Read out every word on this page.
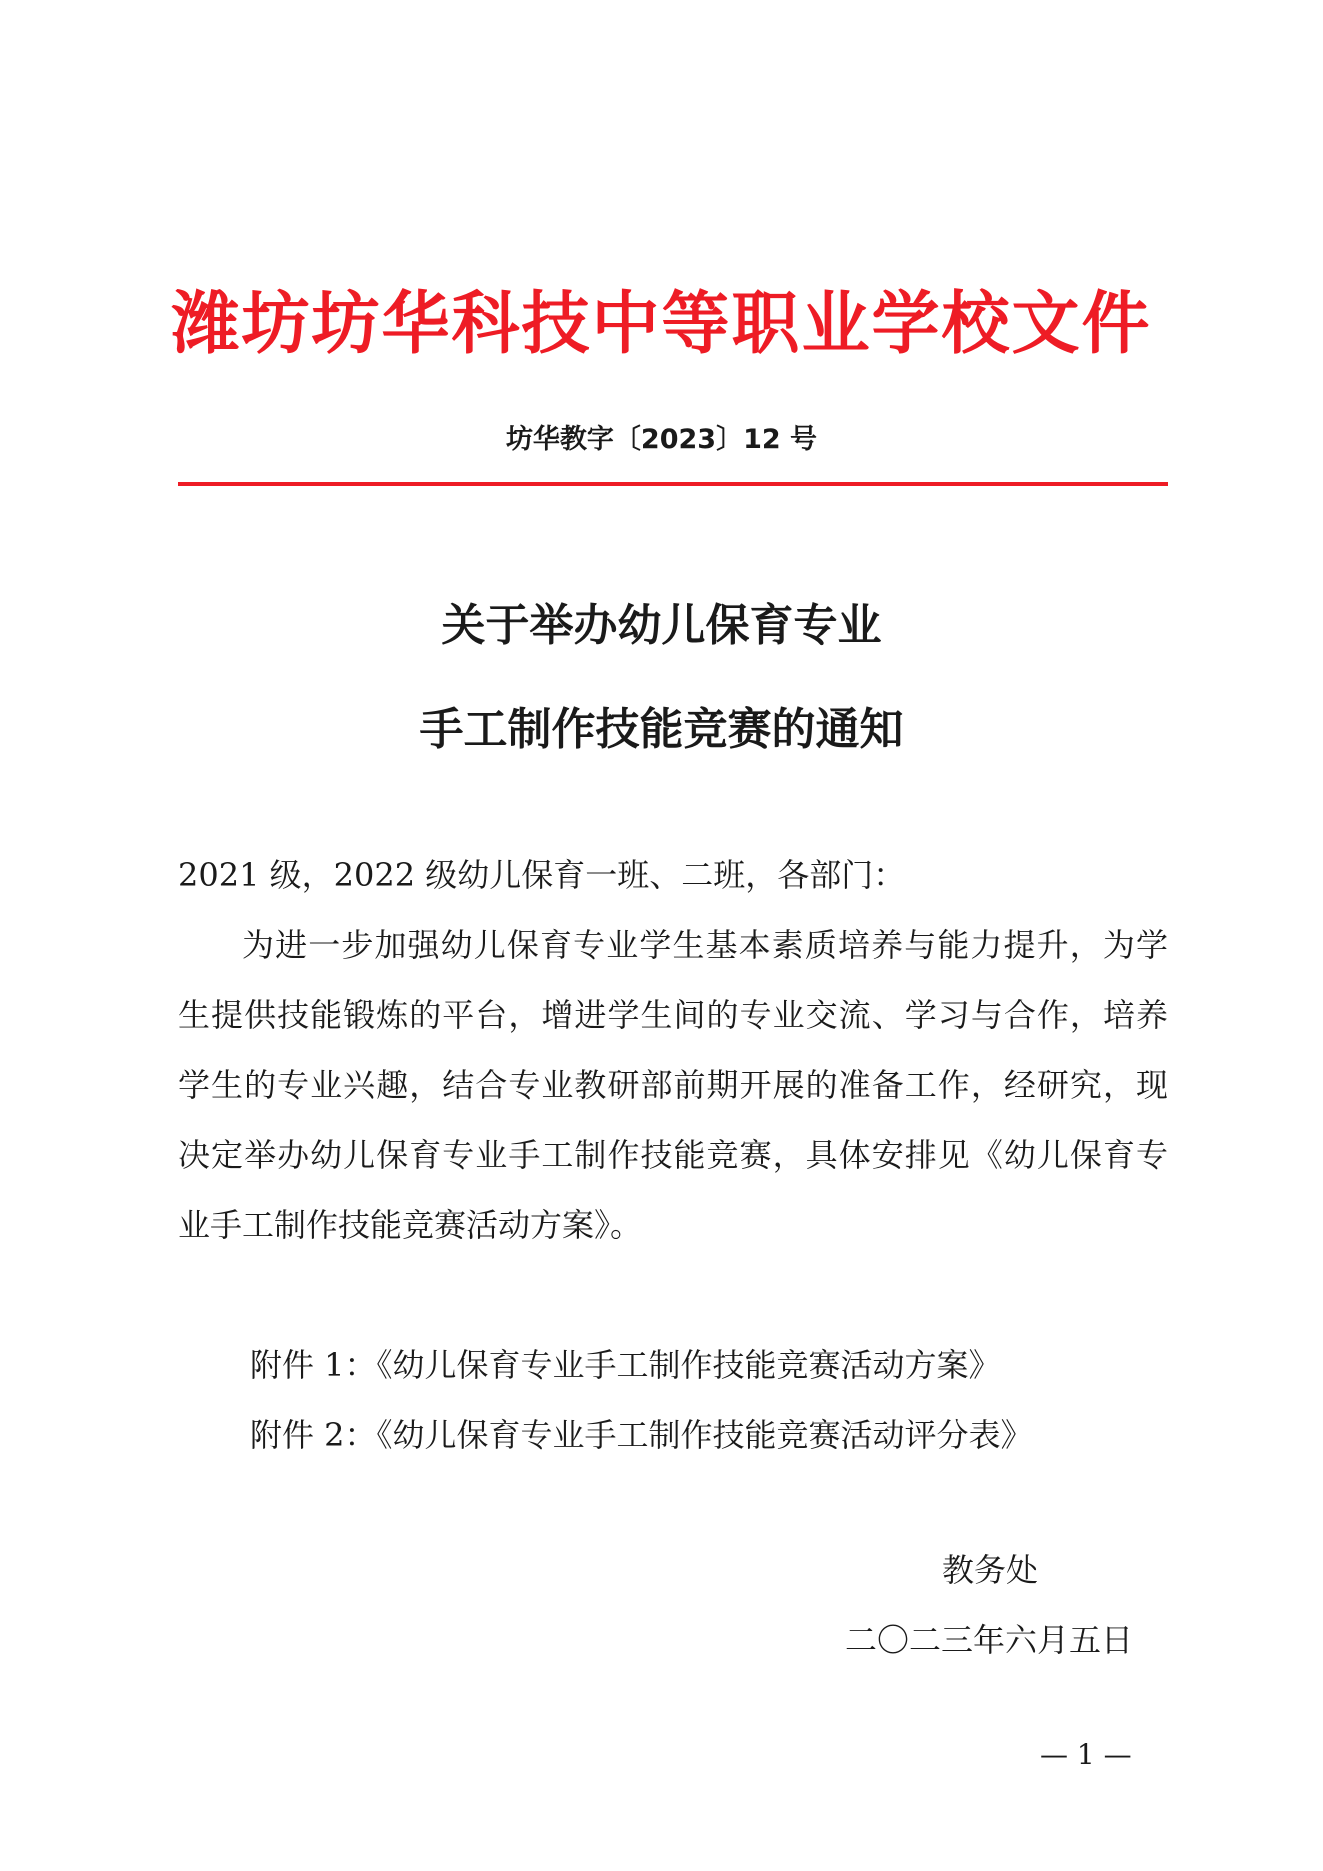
潍坊坊华科技中等职业学校文件
坊华教字〔2023〕12 号
关于举办幼儿保育专业
手工制作技能竞赛的通知
2021 级，2022 级幼儿保育一班、二班，各部门：
为进一步加强幼儿保育专业学生基本素质培养与能力提升，为学生提供技能锻炼的平台，增进学生间的专业交流、学习与合作，培养学生的专业兴趣，结合专业教研部前期开展的准备工作，经研究，现决定举办幼儿保育专业手工制作技能竞赛，具体安排见《幼儿保育专业手工制作技能竞赛活动方案》。
附件 1：《幼儿保育专业手工制作技能竞赛活动方案》
附件 2：《幼儿保育专业手工制作技能竞赛活动评分表》
教务处
二〇二三年六月五日
— 1 —
